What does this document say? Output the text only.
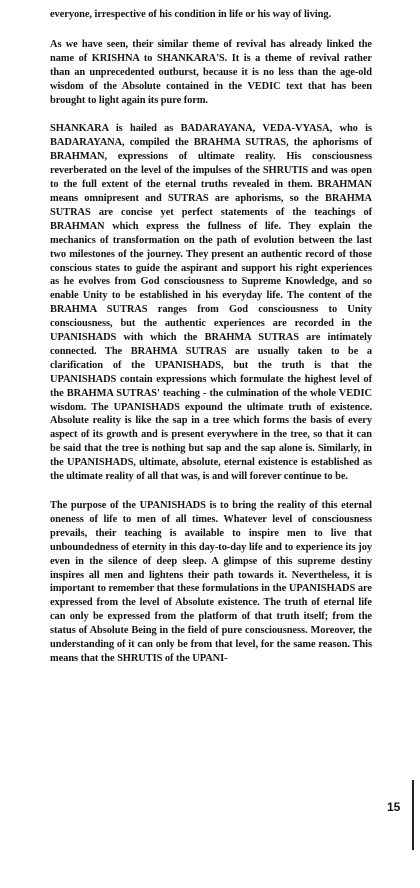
everyone, irrespective of his condition in life or his way of living.

As we have seen, their similar theme of revival has already linked the name of KRISHNA to SHANKARA'S. It is a theme of revival rather than an unprecedented outburst, because it is no less than the age-old wisdom of the Absolute contained in the VEDIC text that has been brought to light again its pure form.

SHANKARA is hailed as BADARAYANA, VEDA-VYASA, who is BADARAYANA, compiled the BRAHMA SUTRAS, the aphorisms of BRAHMAN, expressions of ultimate reality. His consciousness reverberated on the level of the impulses of the SHRUTIS and was open to the full extent of the eternal truths revealed in them. BRAHMAN means omnipresent and SUTRAS are aphorisms, so the BRAHMA SUTRAS are concise yet perfect statements of the teachings of BRAHMAN which express the fullness of life. They explain the mechanics of transformation on the path of evolution between the last two milestones of the journey. They present an authentic record of those conscious states to guide the aspirant and support his right experiences as he evolves from God consciousness to Supreme Knowledge, and so enable Unity to be established in his everyday life. The content of the BRAHMA SUTRAS ranges from God consciousness to Unity consciousness, but the authentic experiences are recorded in the UPANISHADS with which the BRAHMA SUTRAS are intimately connected. The BRAHMA SUTRAS are usually taken to be a clarification of the UPANISHADS, but the truth is that the UPANISHADS contain expressions which formulate the highest level of the BRAHMA SUTRAS' teaching - the culmination of the whole VEDIC wisdom. The UPANISHADS expound the ultimate truth of existence. Absolute reality is like the sap in a tree which forms the basis of every aspect of its growth and is present everywhere in the tree, so that it can be said that the tree is nothing but sap and the sap alone is. Similarly, in the UPANISHADS, ultimate, absolute, eternal existence is established as the ultimate reality of all that was, is and will forever continue to be.

The purpose of the UPANISHADS is to bring the reality of this eternal oneness of life to men of all times. Whatever level of consciousness prevails, their teaching is available to inspire men to live that unboundedness of eternity in this day-to-day life and to experience its joy even in the silence of deep sleep. A glimpse of this supreme destiny inspires all men and lightens their path towards it. Nevertheless, it is important to remember that these formulations in the UPANISHADS are expressed from the level of Absolute existence. The truth of eternal life can only be expressed from the platform of that truth itself; from the status of Absolute Being in the field of pure consciousness. Moreover, the understanding of it can only be from that level, for the same reason. This means that the SHRUTIS of the UPANI-

15
